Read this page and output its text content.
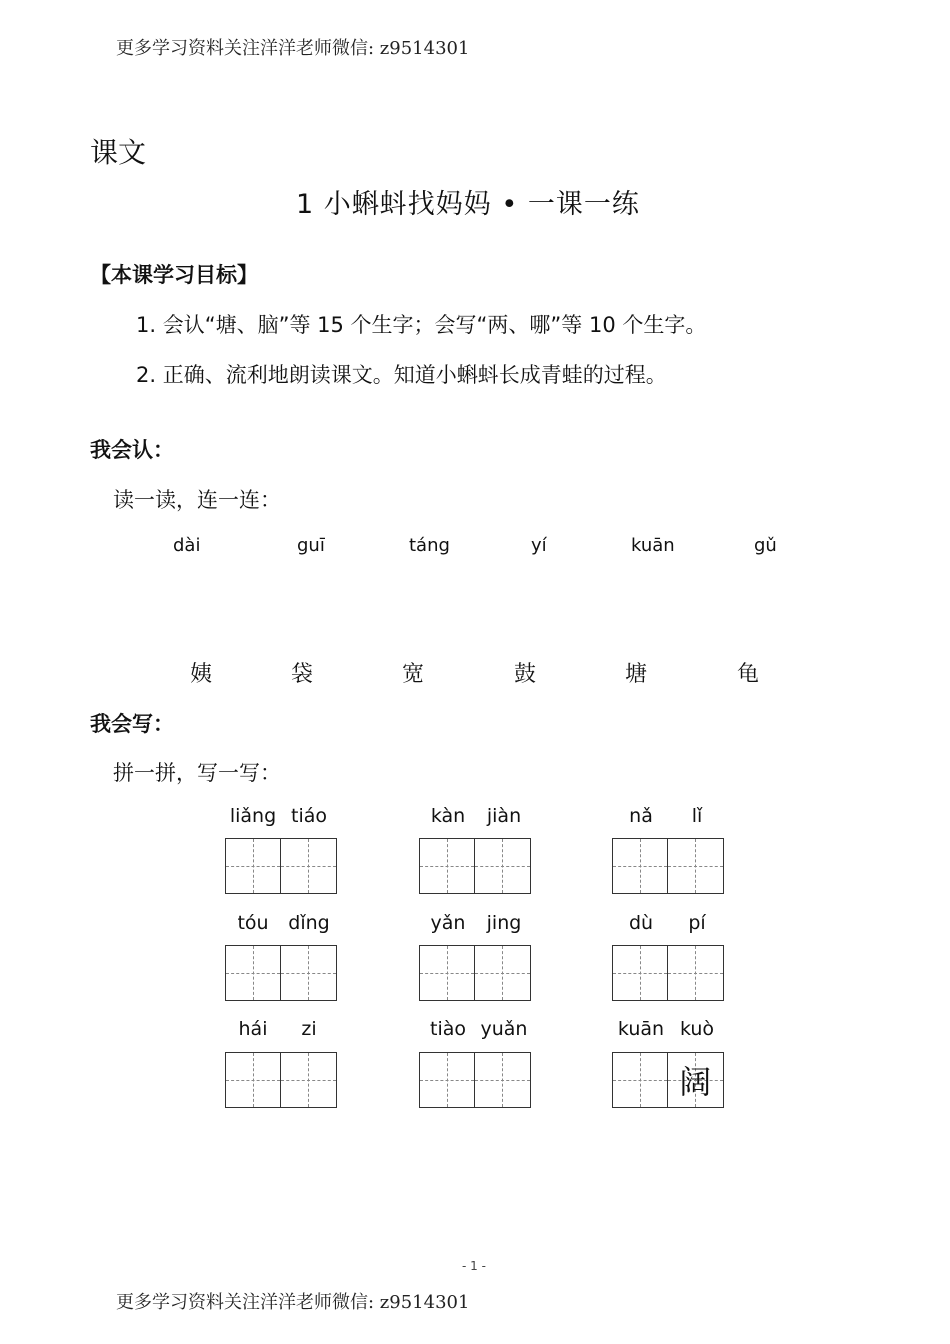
更多学习资料关注洋洋老师微信: z9514301
课文
1 小蝌蚪找妈妈 • 一课一练
【本课学习目标】
1. 会认“塘、脑”等 15 个生字；会写“两、哪”等 10 个生字。
2. 正确、流利地朗读课文。知道小蝌蚪长成青蛙的过程。
我会认：
读一读，连一连：
dài	guī	táng	yí	kuān	gǔ
姨	袋	宽	鼓	塘	龟
我会写：
拼一拼，写一写：
liǎng tiáo	kàn	jiàn	nǎ	lǐ
tóu	dǐng	yǎn	jing	dù	pí
hái	zi	tiào yuǎn	kuān kuò
阔
- 1 -
更多学习资料关注洋洋老师微信: z9514301
